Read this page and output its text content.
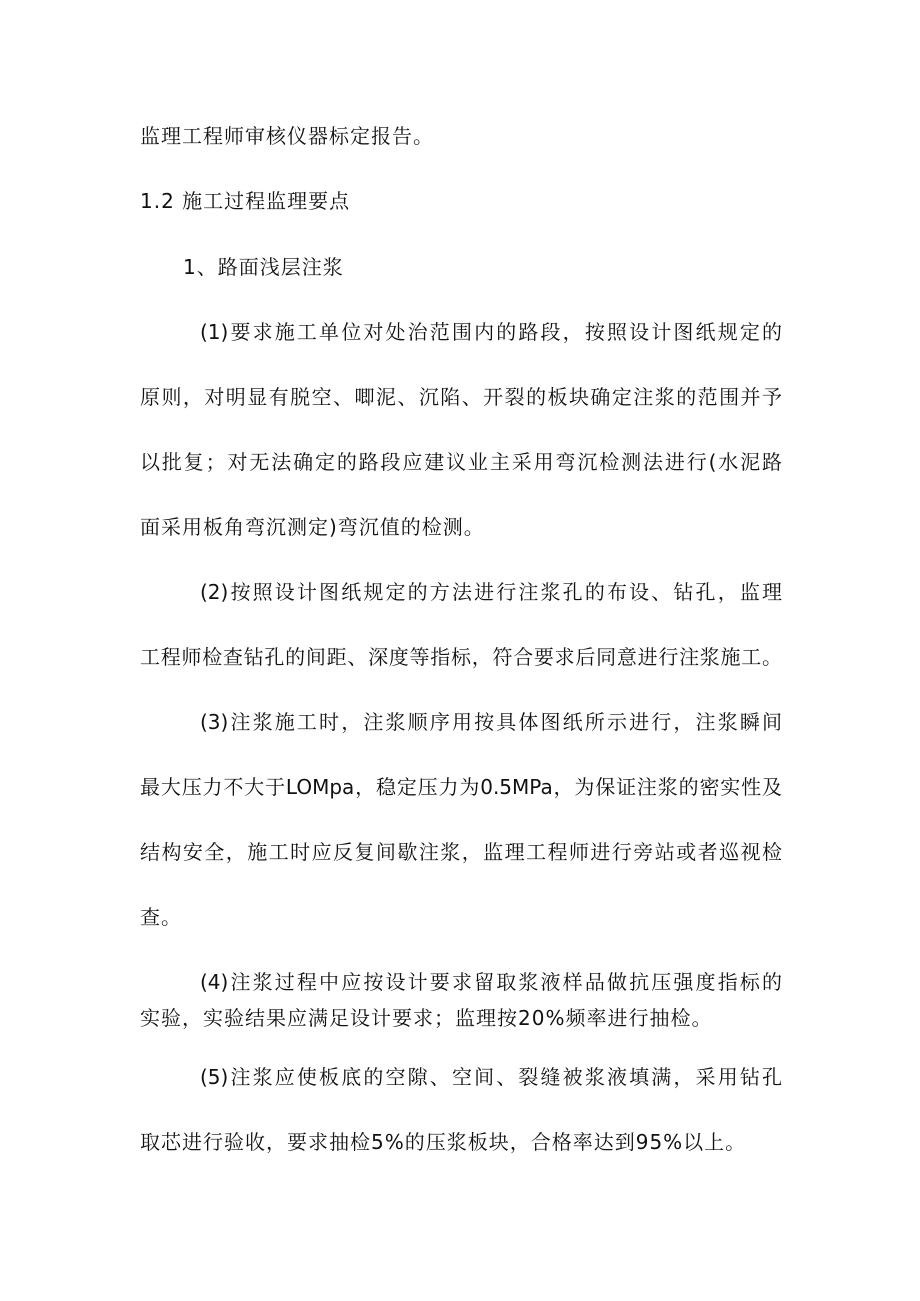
监理工程师审核仪器标定报告。
1.2 施工过程监理要点
1、路面浅层注浆
(1)要求施工单位对处治范围内的路段，按照设计图纸规定的
原则，对明显有脱空、唧泥、沉陷、开裂的板块确定注浆的范围并予
以批复；对无法确定的路段应建议业主采用弯沉检测法进行(水泥路
面采用板角弯沉测定)弯沉值的检测。
(2)按照设计图纸规定的方法进行注浆孔的布设、钻孔，监理
工程师检查钻孔的间距、深度等指标，符合要求后同意进行注浆施工。
(3)注浆施工时，注浆顺序用按具体图纸所示进行，注浆瞬间
最大压力不大于LOMpa，稳定压力为0.5MPa，为保证注浆的密实性及
结构安全，施工时应反复间歇注浆，监理工程师进行旁站或者巡视检
查。
(4)注浆过程中应按设计要求留取浆液样品做抗压强度指标的
实验，实验结果应满足设计要求；监理按20%频率进行抽检。
(5)注浆应使板底的空隙、空间、裂缝被浆液填满，采用钻孔
取芯进行验收，要求抽检5%的压浆板块，合格率达到95%以上。
